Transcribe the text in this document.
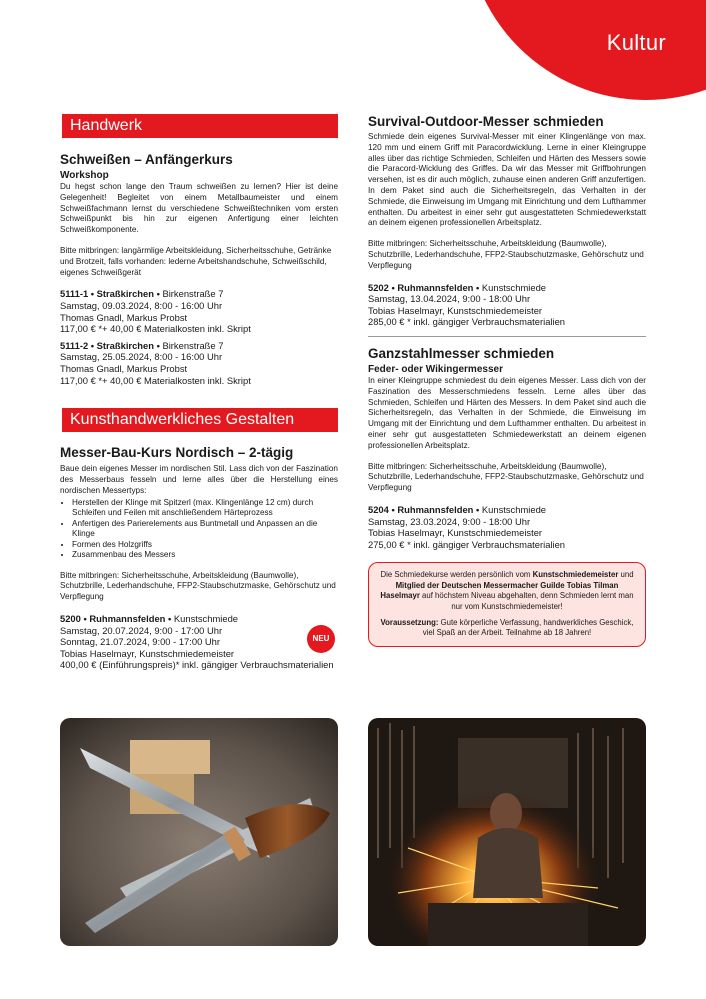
Kultur
Handwerk
Schweißen – Anfängerkurs
Workshop

Du hegst schon lange den Traum schweißen zu lernen? Hier ist deine Gelegenheit! Begleitet von einem Metallbaumeister und einem Schweißfachmann lernst du verschiedene Schweißtechniken vom ersten Schweißpunkt bis hin zur eigenen Anfertigung einer leichten Schweißkomponente.

Bitte mitbringen: langärmlige Arbeitskleidung, Sicherheitsschuhe, Getränke und Brotzeit, falls vorhanden: lederne Arbeitshandschuhe, Schweißschild, eigenes Schweißgerät

5111-1 • Straßkirchen • Birkenstraße 7
Samstag, 09.03.2024, 8:00 - 16:00 Uhr
Thomas Gnadl, Markus Probst
117,00 € *+ 40,00 € Materialkosten inkl. Skript
5111-2 • Straßkirchen • Birkenstraße 7
Samstag, 25.05.2024, 8:00 - 16:00 Uhr
Thomas Gnadl, Markus Probst
117,00 € *+ 40,00 € Materialkosten inkl. Skript
Kunsthandwerkliches Gestalten
Messer-Bau-Kurs Nordisch – 2-tägig

Baue dein eigenes Messer im nordischen Stil. Lass dich von der Faszination des Messerbaus fesseln und lerne alles über die Herstellung eines nordischen Messertyps:

• Herstellen der Klinge mit Spitzerl (max. Klingenlänge 12 cm) durch Schleifen und Feilen mit anschließendem Härteprozess
• Anfertigen des Parierelements aus Buntmetall und Anpassen an die Klinge
• Formen des Holzgriffs
• Zusammenbau des Messers

Bitte mitbringen: Sicherheitsschuhe, Arbeitskleidung (Baumwolle), Schutzbrille, Lederhandschuhe, FFP2-Staubschutzmaske, Gehörschutz und Verpflegung

5200 • Ruhmannsfelden • Kunstschmiede
Samstag, 20.07.2024, 9:00 - 17:00 Uhr
Sonntag, 21.07.2024, 9:00 - 17:00 Uhr
Tobias Haselmayr, Kunstschmiedemeister
400,00 € (Einführungspreis)* inkl. gängiger Verbrauchsmaterialien
NEU
Survival-Outdoor-Messer schmieden

Schmiede dein eigenes Survival-Messer mit einer Klingenlänge von max. 120 mm und einem Griff mit Paracordwicklung. Lerne in einer Kleingruppe alles über das richtige Schmieden, Schleifen und Härten des Messers sowie die Paracord-Wicklung des Griffes. Da wir das Messer mit Griffbohrungen versehen, ist es dir auch möglich, zuhause einen anderen Griff anzufertigen. In dem Paket sind auch die Sicherheitsregeln, das Verhalten in der Schmiede, die Einweisung im Umgang mit Einrichtung und dem Lufthammer enthalten. Du arbeitest in einer sehr gut ausgestatteten Schmiedewerkstatt an deinem eigenen professionellen Arbeitsplatz.

Bitte mitbringen: Sicherheitsschuhe, Arbeitskleidung (Baumwolle), Schutzbrille, Lederhandschuhe, FFP2-Staubschutzmaske, Gehörschutz und Verpflegung

5202 • Ruhmannsfelden • Kunstschmiede
Samstag, 13.04.2024, 9:00 - 18:00 Uhr
Tobias Haselmayr, Kunstschmiedemeister
285,00 € * inkl. gängiger Verbrauchsmaterialien
Ganzstahlmesser schmieden
Feder- oder Wikingermesser

In einer Kleingruppe schmiedest du dein eigenes Messer. Lass dich von der Faszination des Messerschmiedens fesseln. Lerne alles über das Schmieden, Schleifen und Härten des Messers. In dem Paket sind auch die Sicherheitsregeln, das Verhalten in der Schmiede, die Einweisung im Umgang mit der Einrichtung und dem Lufthammer enthalten. Du arbeitest in einer sehr gut ausgestatteten Schmiedewerkstatt an deinem eigenen professionellen Arbeitsplatz.

Bitte mitbringen: Sicherheitsschuhe, Arbeitskleidung (Baumwolle), Schutzbrille, Lederhandschuhe, FFP2-Staubschutzmaske, Gehörschutz und Verpflegung

5204 • Ruhmannsfelden • Kunstschmiede
Samstag, 23.03.2024, 9:00 - 18:00 Uhr
Tobias Haselmayr, Kunstschmiedemeister
275,00 € * inkl. gängiger Verbrauchsmaterialien

Die Schmiedekurse werden persönlich vom Kunstschmiedemeister und Mitglied der Deutschen Messermacher Guilde Tobias Tilman Haselmayr auf höchstem Niveau abgehalten, denn Schmieden lernt man nur vom Kunstschmiedemeister!

Voraussetzung: Gute körperliche Verfassung, handwerkliches Geschick, viel Spaß an der Arbeit. Teilnahme ab 18 Jahren!
